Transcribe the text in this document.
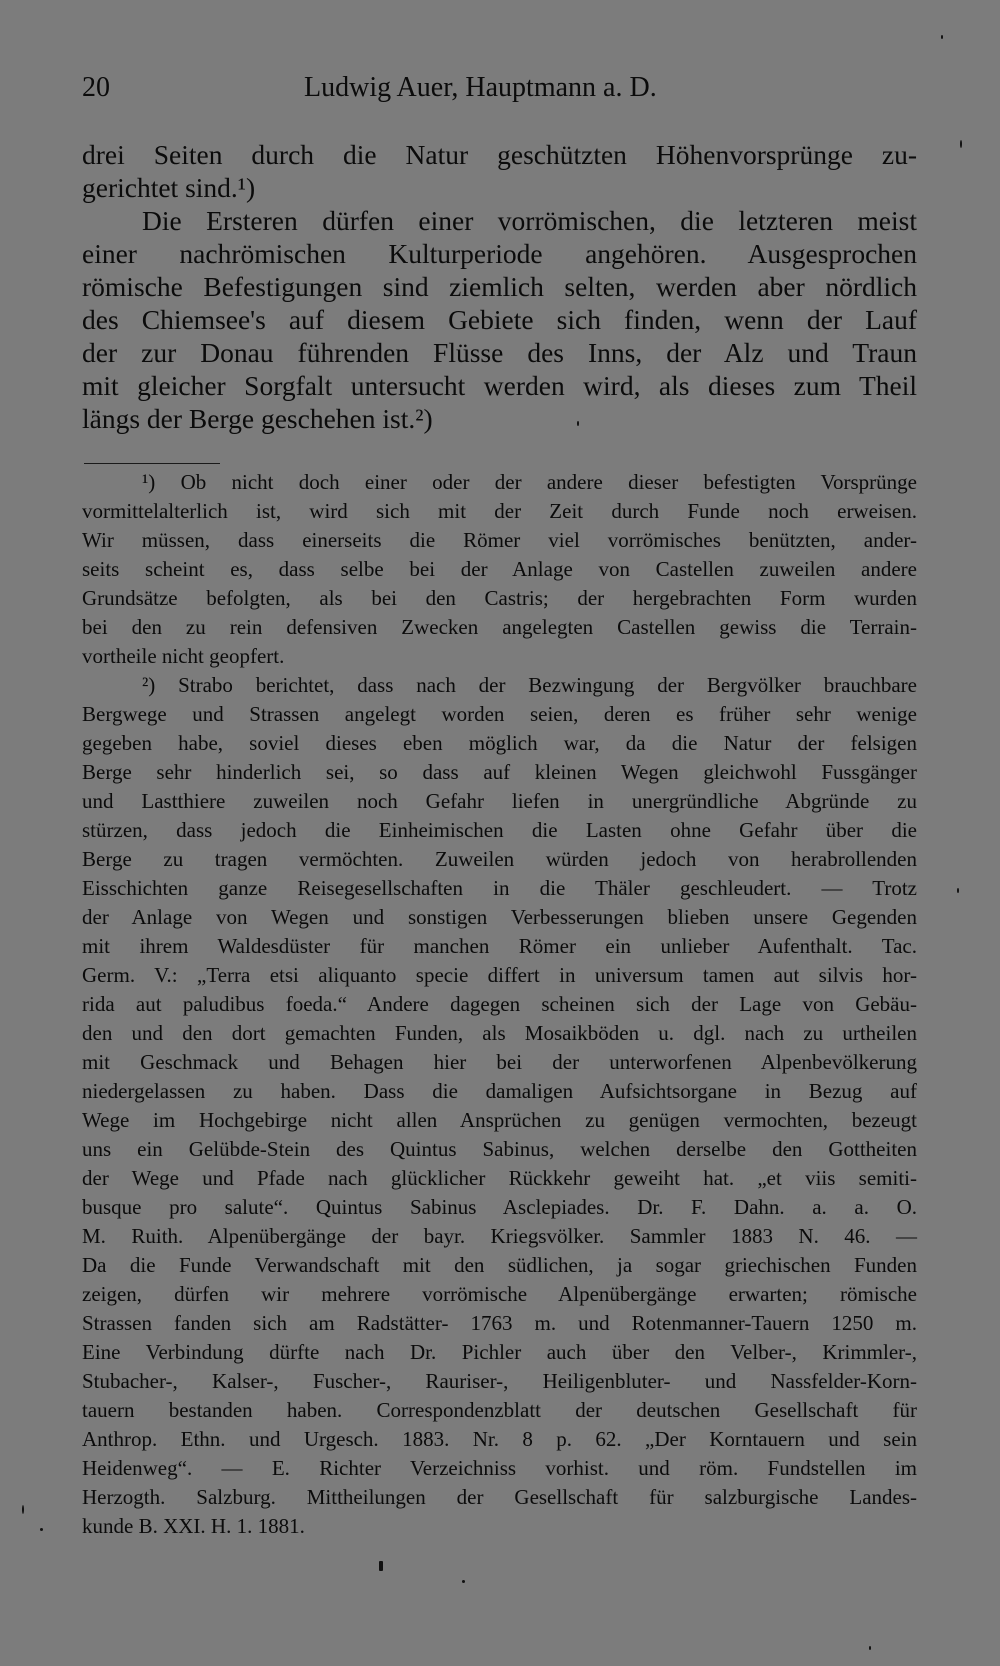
20	Ludwig Auer, Hauptmann a. D.
drei Seiten durch die Natur geschützten Höhenvorsprünge zu-
gerichtet sind.¹)
Die Ersteren dürfen einer vorrömischen, die letzteren meist
einer nachrömischen Kulturperiode angehören. Ausgesprochen
römische Befestigungen sind ziemlich selten, werden aber nördlich
des Chiemsee's auf diesem Gebiete sich finden, wenn der Lauf
der zur Donau führenden Flüsse des Inns, der Alz und Traun
mit gleicher Sorgfalt untersucht werden wird, als dieses zum Theil
längs der Berge geschehen ist.²)
¹) Ob nicht doch einer oder der andere dieser befestigten Vorsprünge
vormittelalterlich ist, wird sich mit der Zeit durch Funde noch erweisen.
Wir müssen, dass einerseits die Römer viel vorrömisches benützten, ander-
seits scheint es, dass selbe bei der Anlage von Castellen zuweilen andere
Grundsätze befolgten, als bei den Castris; der hergebrachten Form wurden
bei den zu rein defensiven Zwecken angelegten Castellen gewiss die Terrain-
vortheile nicht geopfert.
²) Strabo berichtet, dass nach der Bezwingung der Bergvölker brauchbare
Bergwege und Strassen angelegt worden seien, deren es früher sehr wenige
gegeben habe, soviel dieses eben möglich war, da die Natur der felsigen
Berge sehr hinderlich sei, so dass auf kleinen Wegen gleichwohl Fussgänger
und Lastthiere zuweilen noch Gefahr liefen in unergründliche Abgründe zu
stürzen, dass jedoch die Einheimischen die Lasten ohne Gefahr über die
Berge zu tragen vermöchten. Zuweilen würden jedoch von herabrollenden
Eisschichten ganze Reisegesellschaften in die Thäler geschleudert. — Trotz
der Anlage von Wegen und sonstigen Verbesserungen blieben unsere Gegenden
mit ihrem Waldesdüster für manchen Römer ein unlieber Aufenthalt. Tac.
Germ. V.: „Terra etsi aliquanto specie differt in universum tamen aut silvis hor-
rida aut paludibus foeda.“ Andere dagegen scheinen sich der Lage von Gebäu-
den und den dort gemachten Funden, als Mosaikböden u. dgl. nach zu urtheilen
mit Geschmack und Behagen hier bei der unterworfenen Alpenbevölkerung
niedergelassen zu haben. Dass die damaligen Aufsichtsorgane in Bezug auf
Wege im Hochgebirge nicht allen Ansprüchen zu genügen vermochten, bezeugt
uns ein Gelübde-Stein des Quintus Sabinus, welchen derselbe den Gottheiten
der Wege und Pfade nach glücklicher Rückkehr geweiht hat. „et viis semiti-
busque pro salute“. Quintus Sabinus Asclepiades. Dr. F. Dahn. a. a. O.
M. Ruith. Alpenübergänge der bayr. Kriegsvölker. Sammler 1883 N. 46. —
Da die Funde Verwandschaft mit den südlichen, ja sogar griechischen Funden
zeigen, dürfen wir mehrere vorrömische Alpenübergänge erwarten; römische
Strassen fanden sich am Radstätter- 1763 m. und Rotenmanner-Tauern 1250 m.
Eine Verbindung dürfte nach Dr. Pichler auch über den Velber-, Krimmler-,
Stubacher-, Kalser-, Fuscher-, Rauriser-, Heiligenbluter- und Nassfelder-Korn-
tauern bestanden haben. Correspondenzblatt der deutschen Gesellschaft für
Anthrop. Ethn. und Urgesch. 1883. Nr. 8 p. 62. „Der Korntauern und sein
Heidenweg“. — E. Richter Verzeichniss vorhist. und röm. Fundstellen im
Herzogth. Salzburg. Mittheilungen der Gesellschaft für salzburgische Landes-
kunde B. XXI. H. 1. 1881.
